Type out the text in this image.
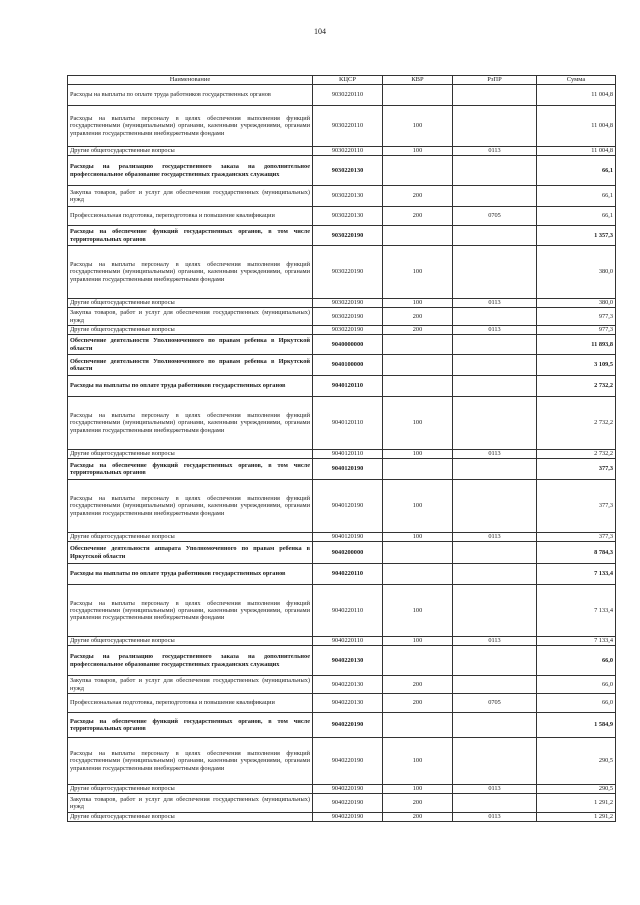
104
Наименование	КЦСР	КВР	РзПР	Сумма
Расходы на выплаты по оплате труда работников государственных органов	9030220110			11 004,8
Расходы на выплаты персоналу в целях обеспечения выполнения функций государственными (муниципальными) органами, казенными учреждениями, органами управления государственными внебюджетными фондами	9030220110	100		11 004,8
Другие общегосударственные вопросы	9030220110	100	0113	11 004,8
Расходы на реализацию государственного заказа на дополнительное профессиональное образование государственных гражданских служащих	9030220130			66,1
Закупка товаров, работ и услуг для обеспечения государственных (муниципальных) нужд	9030220130	200		66,1
Профессиональная подготовка, переподготовка и повышение квалификации	9030220130	200	0705	66,1
Расходы на обеспечение функций государственных органов, в том числе территориальных органов	9030220190			1 357,3
Расходы на выплаты персоналу в целях обеспечения выполнения функций государственными (муниципальными) органами, казенными учреждениями, органами управления государственными внебюджетными фондами	9030220190	100		380,0
Другие общегосударственные вопросы	9030220190	100	0113	380,0
Закупка товаров, работ и услуг для обеспечения государственных (муниципальных) нужд	9030220190	200		977,3
Другие общегосударственные вопросы	9030220190	200	0113	977,3
Обеспечение деятельности Уполномоченного по правам ребенка в Иркутской области	9040000000			11 893,8
Обеспечение деятельности Уполномоченного по правам ребенка в Иркутской области	9040100000			3 109,5
Расходы на выплаты по оплате труда работников государственных органов	9040120110			2 732,2
Расходы на выплаты персоналу в целях обеспечения выполнения функций государственными (муниципальными) органами, казенными учреждениями, органами управления государственными внебюджетными фондами	9040120110	100		2 732,2
Другие общегосударственные вопросы	9040120110	100	0113	2 732,2
Расходы на обеспечение функций государственных органов, в том числе территориальных органов	9040120190			377,3
Расходы на выплаты персоналу в целях обеспечения выполнения функций государственными (муниципальными) органами, казенными учреждениями, органами управления государственными внебюджетными фондами	9040120190	100		377,3
Другие общегосударственные вопросы	9040120190	100	0113	377,3
Обеспечение деятельности аппарата Уполномоченного по правам ребенка в Иркутской области	9040200000			8 784,3
Расходы на выплаты по оплате труда работников государственных органов	9040220110			7 133,4
Расходы на выплаты персоналу в целях обеспечения выполнения функций государственными (муниципальными) органами, казенными учреждениями, органами управления государственными внебюджетными фондами	9040220110	100		7 133,4
Другие общегосударственные вопросы	9040220110	100	0113	7 133,4
Расходы на реализацию государственного заказа на дополнительное профессиональное образование государственных гражданских служащих	9040220130			66,0
Закупка товаров, работ и услуг для обеспечения государственных (муниципальных) нужд	9040220130	200		66,0
Профессиональная подготовка, переподготовка и повышение квалификации	9040220130	200	0705	66,0
Расходы на обеспечение функций государственных органов, в том числе территориальных органов	9040220190			1 584,9
Расходы на выплаты персоналу в целях обеспечения выполнения функций государственными (муниципальными) органами, казенными учреждениями, органами управления государственными внебюджетными фондами	9040220190	100		290,5
Другие общегосударственные вопросы	9040220190	100	0113	290,5
Закупка товаров, работ и услуг для обеспечения государственных (муниципальных) нужд	9040220190	200		1 291,2
Другие общегосударственные вопросы	9040220190	200	0113	1 291,2
